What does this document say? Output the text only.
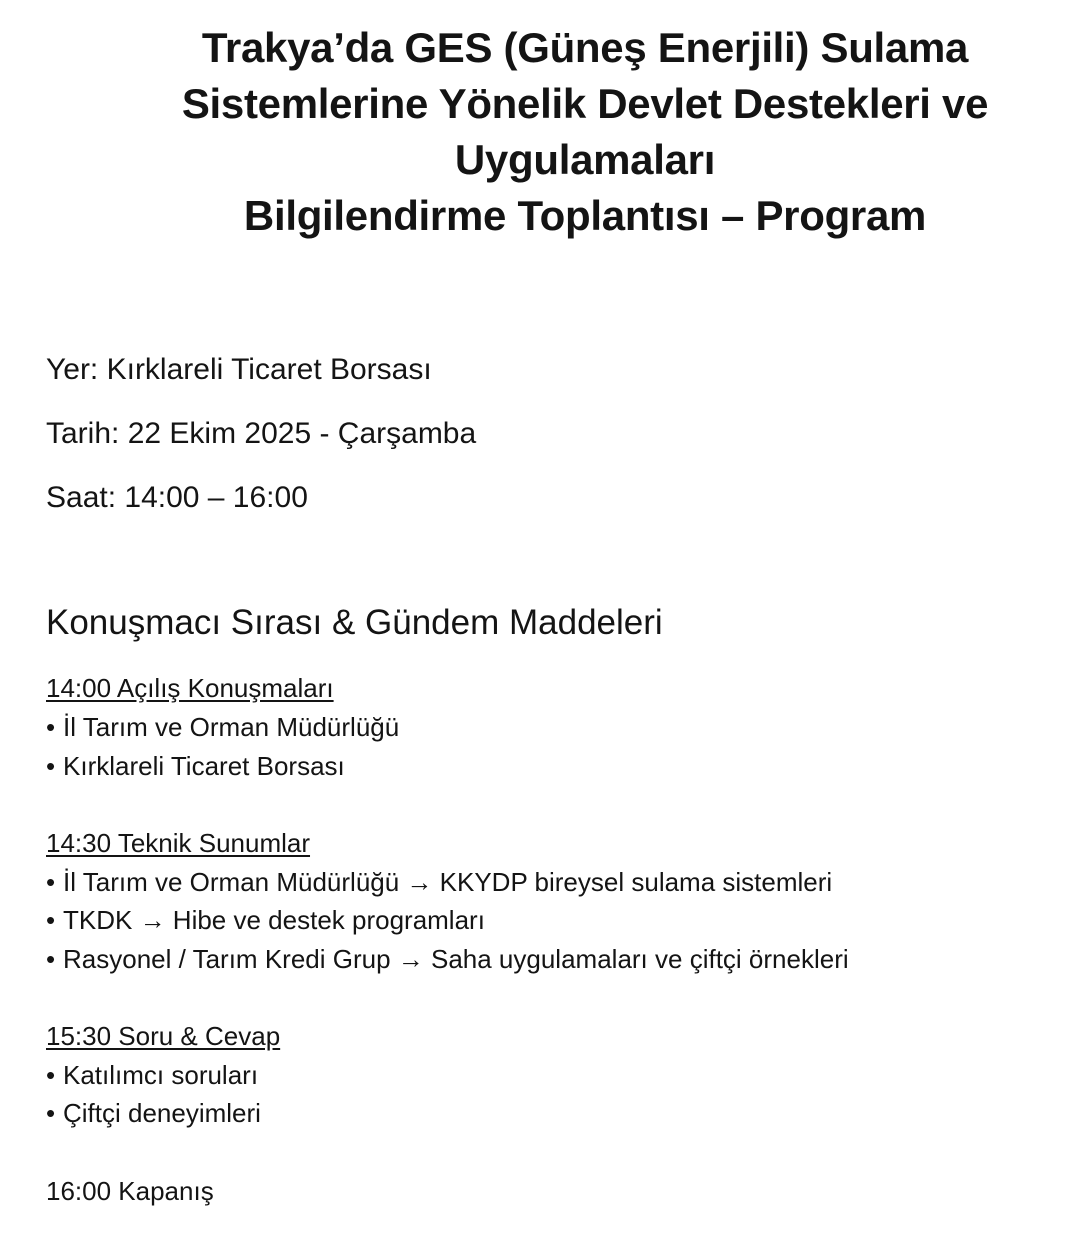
Trakya’da GES (Güneş Enerjili) Sulama
Sistemlerine Yönelik Devlet Destekleri ve
Uygulamaları
Bilgilendirme Toplantısı – Program
Yer: Kırklareli Ticaret Borsası
Tarih: 22 Ekim 2025 - Çarşamba
Saat: 14:00 – 16:00
Konuşmacı Sırası & Gündem Maddeleri
14:00 Açılış Konuşmaları
• İl Tarım ve Orman Müdürlüğü
• Kırklareli Ticaret Borsası
14:30 Teknik Sunumlar
• İl Tarım ve Orman Müdürlüğü → KKYDP bireysel sulama sistemleri
• TKDK → Hibe ve destek programları
• Rasyonel / Tarım Kredi Grup → Saha uygulamaları ve çiftçi örnekleri
15:30 Soru & Cevap
• Katılımcı soruları
• Çiftçi deneyimleri
16:00 Kapanış
